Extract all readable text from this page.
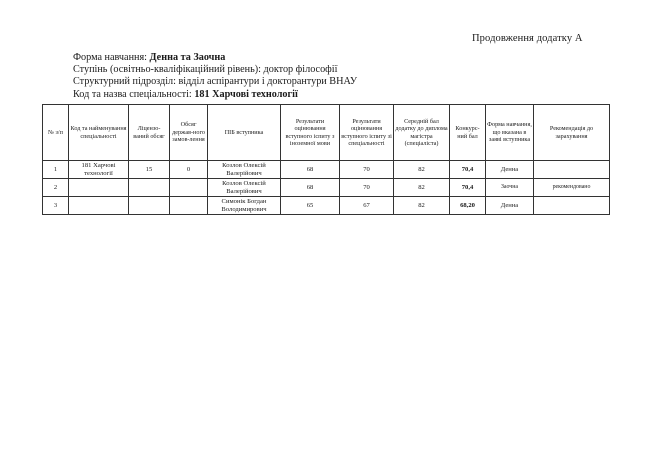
Продовження додатку А
Форма навчання: Денна та Заочна
Ступінь (освітньо-кваліфікаційний рівень): доктор філософії
Структурний підрозділ: відділ аспірантури і докторантури ВНАУ
Код та назва спеціальності: 181 Харчові технології
№ з/п	Код та найменування спеціальності	Ліцензо-ваний обсяг	Обсяг держав-ного замов-лення	ПІБ вступника	Результати оцінювання вступного іспиту з іноземної мови	Результати оцінювання вступного іспиту зі спеціальності	Середній бал додатку до диплома магістра (спеціаліста)	Конкурс-ний бал	Форма навчання, що вказана в заяві вступника	Рекомендація до зарахування
1	181 Харчові технології	15	0	Козлов Олексій Валерійович	68	70	82	70,4	Денна	
2				Козлов Олексій Валерійович	68	70	82	70,4	Заочна	рекомендовано
3				Симонік Богдан Володимирович	65	67	82	68,20	Денна	
